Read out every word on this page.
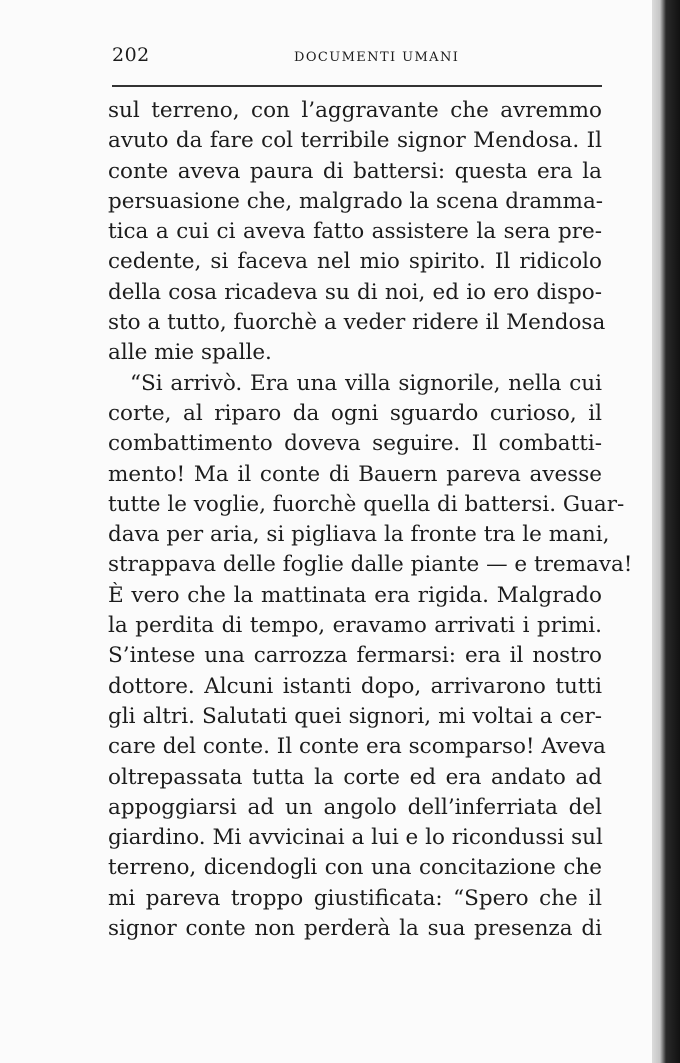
202	DOCUMENTI UMANI
sul terreno, con l’aggravante che avremmo
avuto da fare col terribile signor Mendosa. Il
conte aveva paura di battersi: questa era la
persuasione che, malgrado la scena dramma-
tica a cui ci aveva fatto assistere la sera pre-
cedente, si faceva nel mio spirito. Il ridicolo
della cosa ricadeva su di noi, ed io ero dispo-
sto a tutto, fuorchè a veder ridere il Mendosa
alle mie spalle.
“Si arrivò. Era una villa signorile, nella cui
corte, al riparo da ogni sguardo curioso, il
combattimento doveva seguire. Il combatti-
mento! Ma il conte di Bauern pareva avesse
tutte le voglie, fuorchè quella di battersi. Guar-
dava per aria, si pigliava la fronte tra le mani,
strappava delle foglie dalle piante — e tremava!
È vero che la mattinata era rigida. Malgrado
la perdita di tempo, eravamo arrivati i primi.
S’intese una carrozza fermarsi: era il nostro
dottore. Alcuni istanti dopo, arrivarono tutti
gli altri. Salutati quei signori, mi voltai a cer-
care del conte. Il conte era scomparso! Aveva
oltrepassata tutta la corte ed era andato ad
appoggiarsi ad un angolo dell’inferriata del
giardino. Mi avvicinai a lui e lo ricondussi sul
terreno, dicendogli con una concitazione che
mi pareva troppo giustificata: “Spero che il
signor conte non perderà la sua presenza di
